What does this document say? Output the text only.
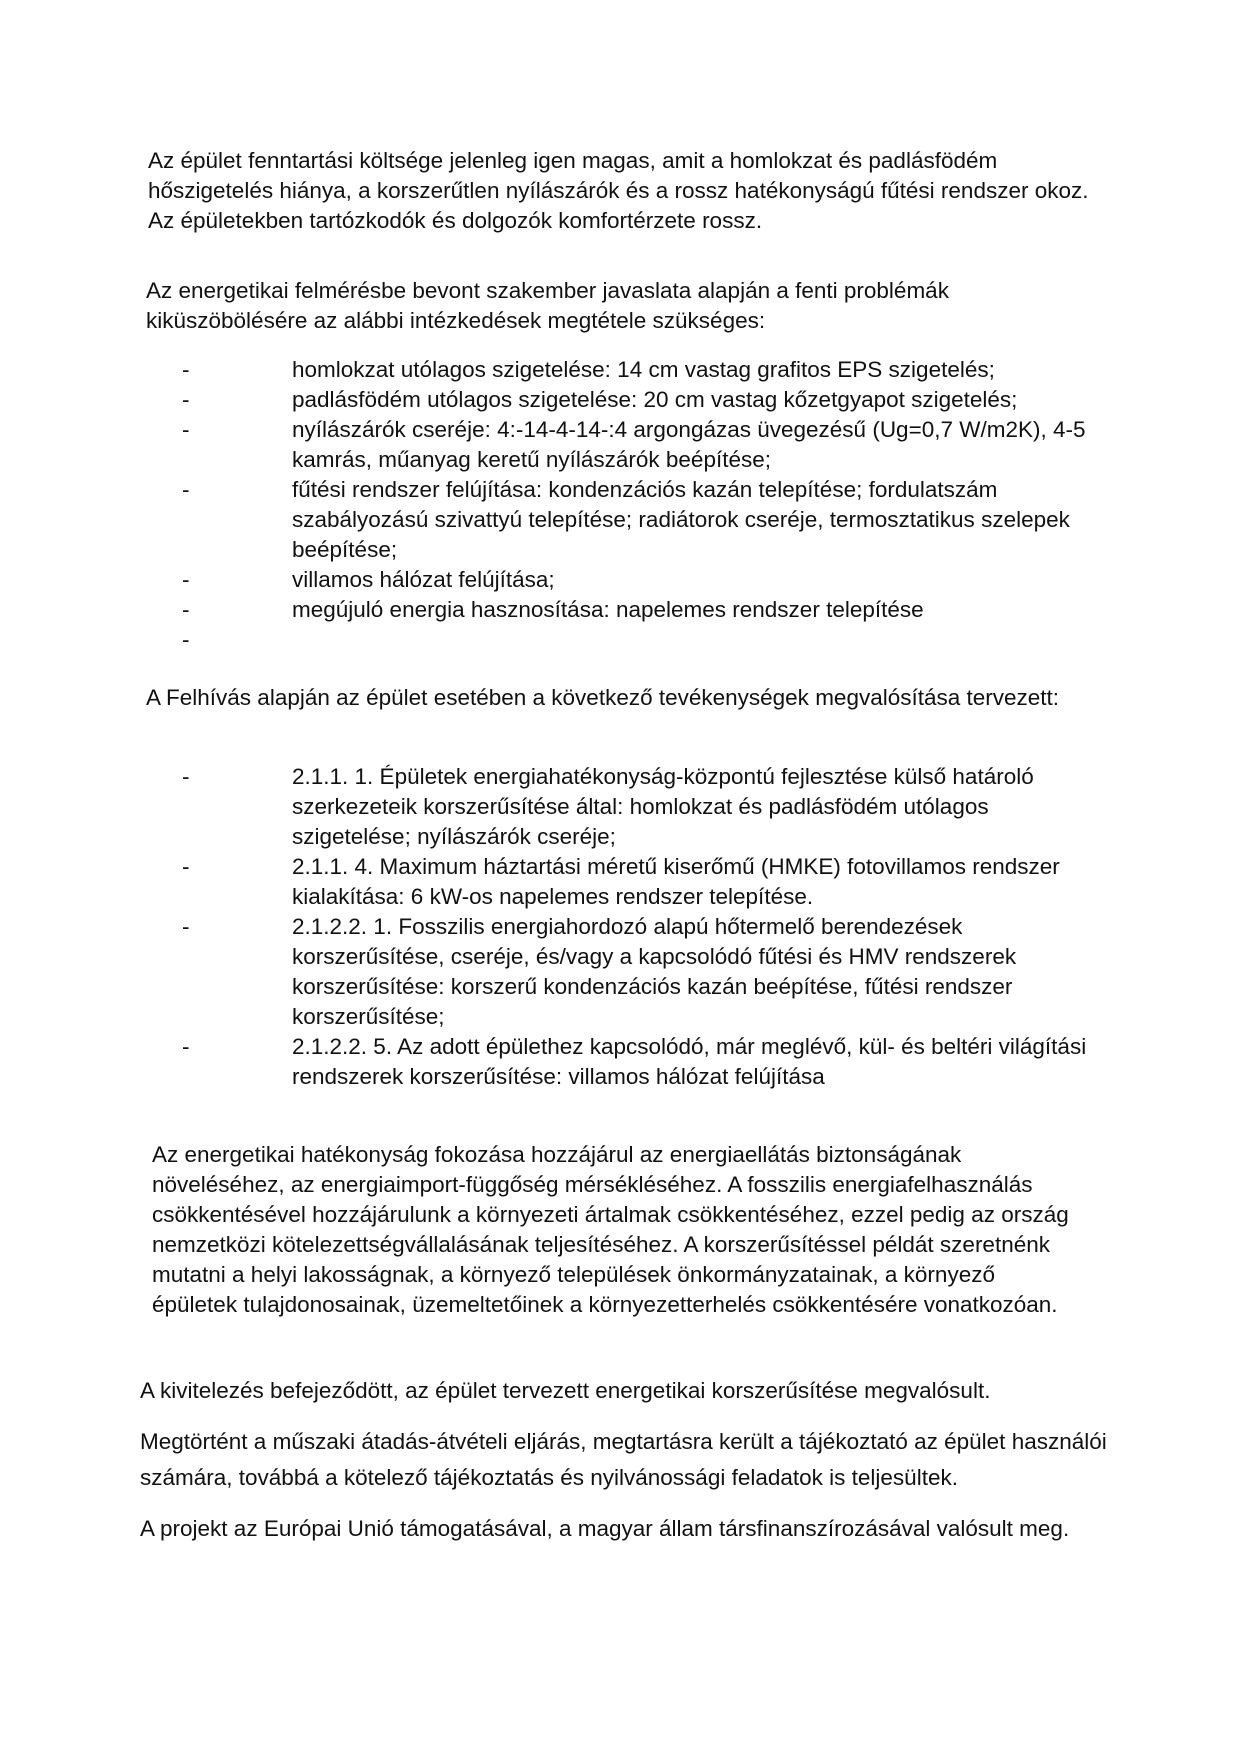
Az épület fenntartási költsége jelenleg igen magas, amit a homlokzat és padlásfödém hőszigetelés hiánya, a korszerűtlen nyílászárók és a rossz hatékonyságú fűtési rendszer okoz. Az épületekben tartózkodók és dolgozók komfortérzete rossz.

Az energetikai felmérésbe bevont szakember javaslata alapján a fenti problémák kiküszöbölésére az alábbi intézkedések megtétele szükséges:

-	homlokzat utólagos szigetelése: 14 cm vastag grafitos EPS szigetelés;
-	padlásfödém utólagos szigetelése: 20 cm vastag kőzetgyapot szigetelés;
-	nyílászárók cseréje: 4:-14-4-14-:4 argongázas üvegezésű (Ug=0,7 W/m2K), 4-5 kamrás, műanyag keretű nyílászárók beépítése;
-	fűtési rendszer felújítása: kondenzációs kazán telepítése; fordulatszám szabályozású szivattyú telepítése; radiátorok cseréje, termosztatikus szelepek beépítése;
-	villamos hálózat felújítása;
-	megújuló energia hasznosítása: napelemes rendszer telepítése
-

A Felhívás alapján az épület esetében a következő tevékenységek megvalósítása tervezett:

-	2.1.1. 1. Épületek energiahatékonyság-központú fejlesztése külső határoló szerkezeteik korszerűsítése által: homlokzat és padlásfödém utólagos szigetelése; nyílászárók cseréje;
-	2.1.1. 4. Maximum háztartási méretű kiserőmű (HMKE) fotovillamos rendszer kialakítása: 6 kW-os napelemes rendszer telepítése.
-	2.1.2.2. 1. Fosszilis energiahordozó alapú hőtermelő berendezések korszerűsítése, cseréje, és/vagy a kapcsolódó fűtési és HMV rendszerek korszerűsítése: korszerű kondenzációs kazán beépítése, fűtési rendszer korszerűsítése;
-	2.1.2.2. 5. Az adott épülethez kapcsolódó, már meglévő, kül- és beltéri világítási rendszerek korszerűsítése: villamos hálózat felújítása

Az energetikai hatékonyság fokozása hozzájárul az energiaellátás biztonságának növeléséhez, az energiaimport-függőség mérsékléséhez. A fosszilis energiafelhasználás csökkentésével hozzájárulunk a környezeti ártalmak csökkentéséhez, ezzel pedig az ország nemzetközi kötelezettségvállalásának teljesítéséhez. A korszerűsítéssel példát szeretnénk mutatni a helyi lakosságnak, a környező települések önkormányzatainak, a környező épületek tulajdonosainak, üzemeltetőinek a környezetterhelés csökkentésére vonatkozóan.

A kivitelezés befejeződött, az épület tervezett energetikai korszerűsítése megvalósult.

Megtörtént a műszaki átadás-átvételi eljárás, megtartásra került a tájékoztató az épület használói számára, továbbá a kötelező tájékoztatás és nyilvánossági feladatok is teljesültek.

A projekt az Európai Unió támogatásával, a magyar állam társfinanszírozásával valósult meg.
